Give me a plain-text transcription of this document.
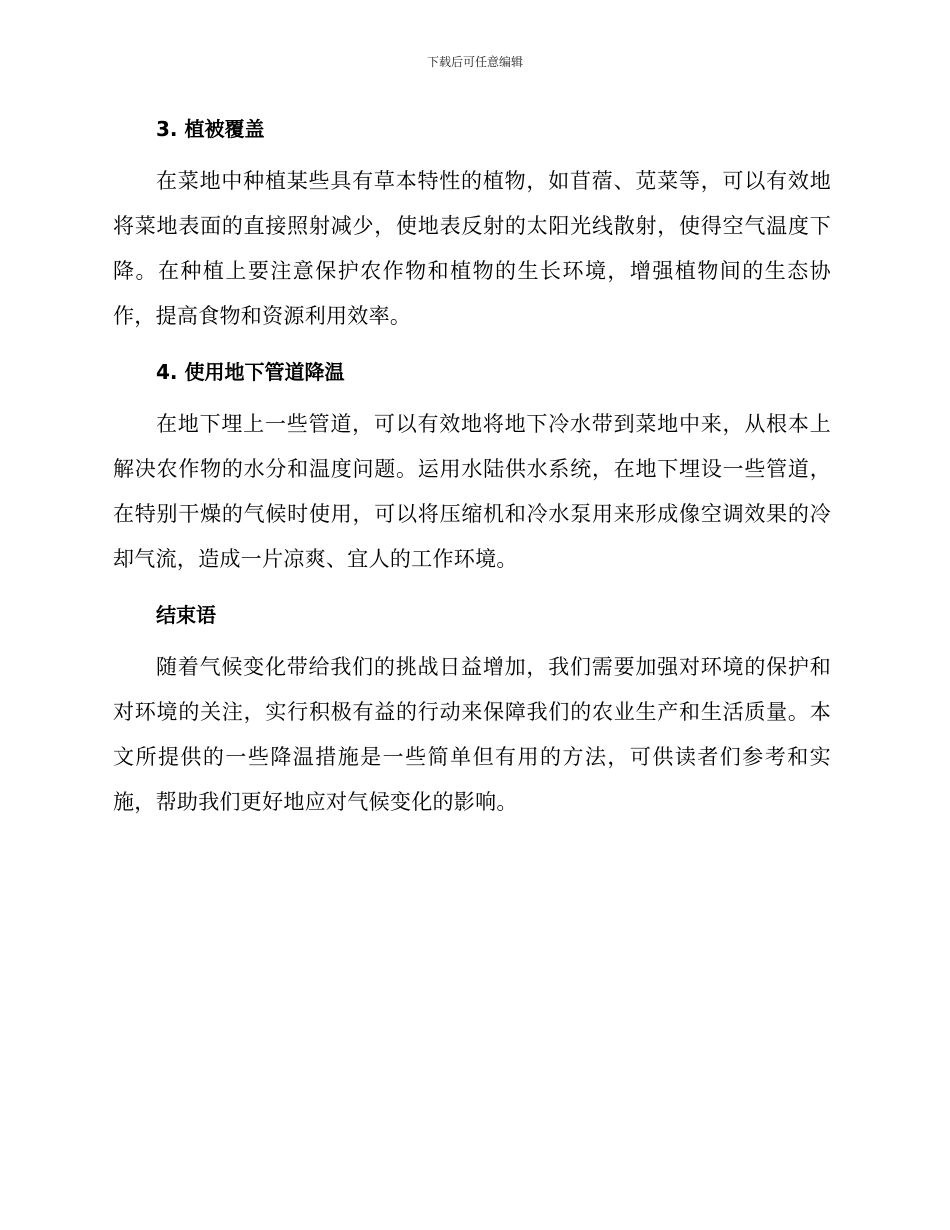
下载后可任意编辑
3. 植被覆盖

在菜地中种植某些具有草本特性的植物，如苜蓿、苋菜等，可以有效地将菜地表面的直接照射减少，使地表反射的太阳光线散射，使得空气温度下降。在种植上要注意保护农作物和植物的生长环境，增强植物间的生态协作，提高食物和资源利用效率。

4. 使用地下管道降温

在地下埋上一些管道，可以有效地将地下冷水带到菜地中来，从根本上解决农作物的水分和温度问题。运用水陆供水系统，在地下埋设一些管道，在特别干燥的气候时使用，可以将压缩机和冷水泵用来形成像空调效果的冷却气流，造成一片凉爽、宜人的工作环境。

结束语

随着气候变化带给我们的挑战日益增加，我们需要加强对环境的保护和对环境的关注，实行积极有益的行动来保障我们的农业生产和生活质量。本文所提供的一些降温措施是一些简单但有用的方法，可供读者们参考和实施，帮助我们更好地应对气候变化的影响。
